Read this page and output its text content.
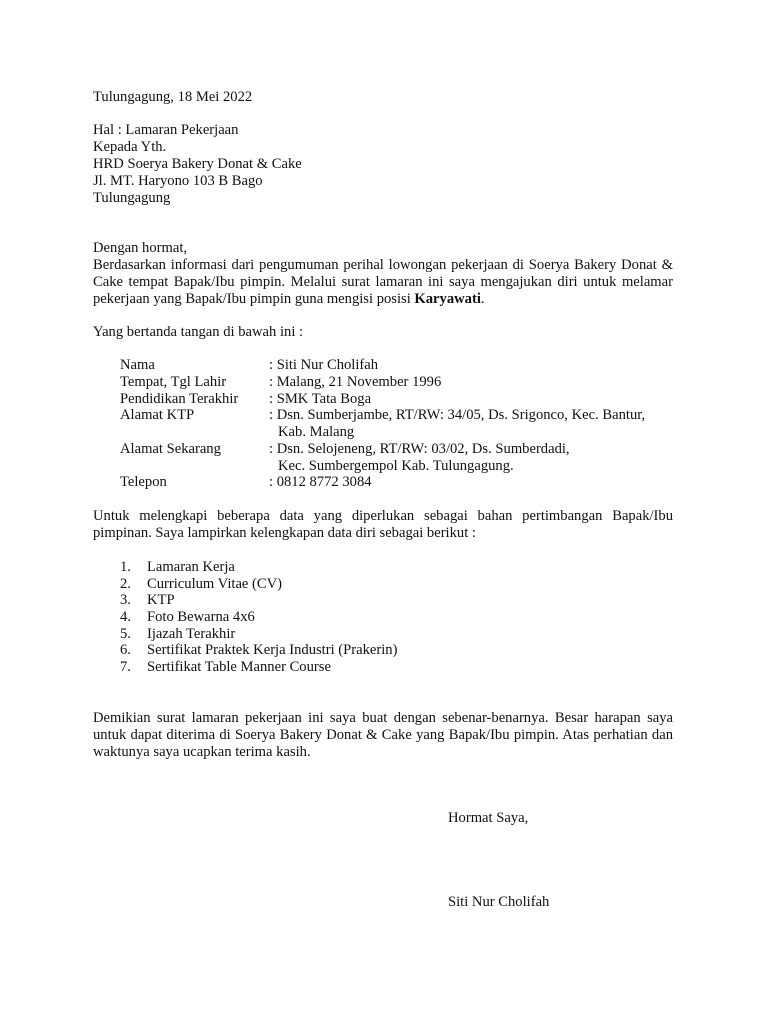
Tulungagung, 18 Mei 2022
Hal : Lamaran Pekerjaan
Kepada Yth.
HRD Soerya Bakery Donat & Cake
Jl. MT. Haryono 103 B Bago
Tulungagung
Dengan hormat,
Berdasarkan informasi dari pengumuman perihal lowongan pekerjaan di Soerya Bakery Donat & Cake tempat Bapak/Ibu pimpin. Melalui surat lamaran ini saya mengajukan diri untuk melamar pekerjaan yang Bapak/Ibu pimpin guna mengisi posisi Karyawati.
Yang bertanda tangan di bawah ini :
Nama	: Siti Nur Cholifah
Tempat, Tgl Lahir	: Malang, 21 November 1996
Pendidikan Terakhir : SMK Tata Boga
Alamat KTP	: Dsn. Sumberjambe, RT/RW: 34/05, Ds. Srigonco, Kec. Bantur,
Kab. Malang
Alamat Sekarang	: Dsn. Selojeneng, RT/RW: 03/02, Ds. Sumberdadi,
Kec. Sumbergempol Kab. Tulungagung.
Telepon	: 0812 8772 3084
Untuk melengkapi beberapa data yang diperlukan sebagai bahan pertimbangan Bapak/Ibu pimpinan. Saya lampirkan kelengkapan data diri sebagai berikut :
1. Lamaran Kerja
2. Curriculum Vitae (CV)
3. KTP
4. Foto Bewarna 4x6
5. Ijazah Terakhir
6. Sertifikat Praktek Kerja Industri (Prakerin)
7. Sertifikat Table Manner Course
Demikian surat lamaran pekerjaan ini saya buat dengan sebenar-benarnya. Besar harapan saya untuk dapat diterima di Soerya Bakery Donat & Cake yang Bapak/Ibu pimpin. Atas perhatian dan waktunya saya ucapkan terima kasih.
Hormat Saya,
Siti Nur Cholifah
